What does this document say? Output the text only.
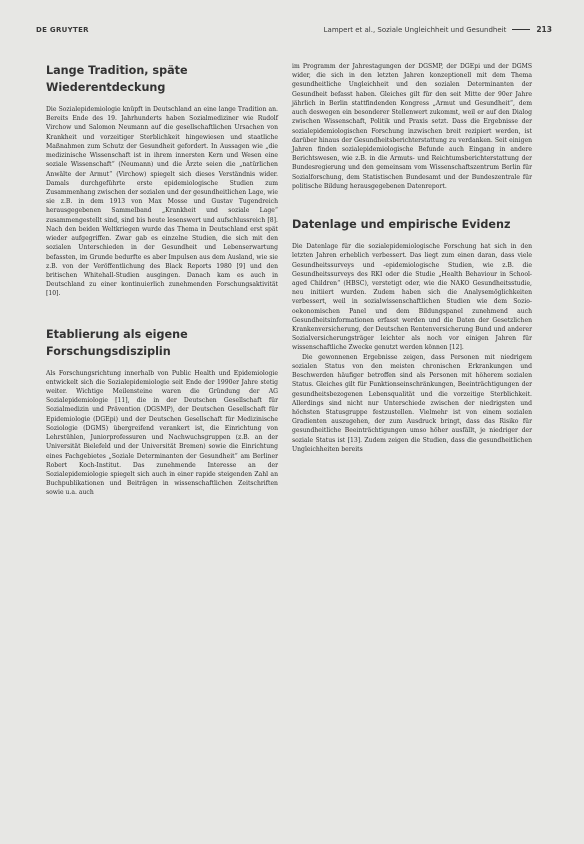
DE GRUYTER	Lampert et al., Soziale Ungleichheit und Gesundheit	213
Lange Tradition, späte
Wiederentdeckung

Die Sozialepidemiologie knüpft in Deutschland an eine lange Tradition an. Bereits Ende des 19. Jahrhunderts haben Sozialmediziner wie Rudolf Virchow und Salomon Neumann auf die gesellschaftlichen Ursachen von Krankheit und vorzeitiger Sterblichkeit hingewiesen und staatliche Maßnahmen zum Schutz der Gesundheit gefordert. In Aussagen wie „die medizinische Wissenschaft ist in ihrem innersten Kern und Wesen eine soziale Wissenschaft“ (Neumann) und die Ärzte seien die „natürlichen Anwälte der Armut“ (Virchow) spiegelt sich dieses Verständnis wider. Damals durchgeführte erste epidemiologische Studien zum Zusammenhang zwischen der sozialen und der gesundheitlichen Lage, wie sie z.B. in dem 1913 von Max Mosse und Gustav Tugendreich herausgegebenen Sammelband „Krankheit und soziale Lage“ zusammengestellt sind, sind bis heute lesenswert und aufschlussreich [8]. Nach den beiden Weltkriegen wurde das Thema in Deutschland erst spät wieder aufgegriffen. Zwar gab es einzelne Studien, die sich mit den sozialen Unterschieden in der Gesundheit und Lebenserwartung befassten, im Grunde bedurfte es aber Impulsen aus dem Ausland, wie sie z.B. von der Veröffentlichung des Black Reports 1980 [9] und den britischen Whitehall-Studien ausgingen. Danach kam es auch in Deutschland zu einer kontinuierlich zunehmenden Forschungsaktivität [10].

Etablierung als eigene
Forschungsdisziplin

Als Forschungsrichtung innerhalb von Public Health und Epidemiologie entwickelt sich die Sozialepidemiologie seit Ende der 1990er Jahre stetig weiter. Wichtige Meilensteine waren die Gründung der AG Sozialepidemiologie [11], die in der Deutschen Gesellschaft für Sozialmedizin und Prävention (DGSMP), der Deutschen Gesellschaft für Epidemiologie (DGEpi) und der Deutschen Gesellschaft für Medizinische Soziologie (DGMS) übergreifend verankert ist, die Einrichtung von Lehrstühlen, Juniorprofessuren und Nachwuchsgruppen (z.B. an der Universität Bielefeld und der Universität Bremen) sowie die Einrichtung eines Fachgebietes „Soziale Determinanten der Gesundheit“ am Berliner Robert Koch-Institut. Das zunehmende Interesse an der Sozialepidemiologie spiegelt sich auch in einer rapide steigenden Zahl an Buchpublikationen und Beiträgen in wissenschaftlichen Zeitschriften sowie u.a. auch

im Programm der Jahrestagungen der DGSMP, der DGEpi und der DGMS wider, die sich in den letzten Jahren konzeptionell mit dem Thema gesundheitliche Ungleichheit und den sozialen Determinanten der Gesundheit befasst haben. Gleiches gilt für den seit Mitte der 90er Jahre jährlich in Berlin stattfindenden Kongress „Armut und Gesundheit“, dem auch deswegen ein besonderer Stellenwert zukommt, weil er auf den Dialog zwischen Wissenschaft, Politik und Praxis setzt. Dass die Ergebnisse der sozialepidemiologischen Forschung inzwischen breit rezipiert werden, ist darüber hinaus der Gesundheitsberichterstattung zu verdanken. Seit einigen Jahren finden sozialepidemiologische Befunde auch Eingang in andere Berichtswesen, wie z.B. in die Armuts- und Reichtumsberichterstattung der Bundesregierung und den gemeinsam vom Wissenschaftszentrum Berlin für Sozialforschung, dem Statistischen Bundesamt und der Bundeszentrale für politische Bildung herausgegebenen Datenreport.

Datenlage und empirische Evidenz

Die Datenlage für die sozialepidemiologische Forschung hat sich in den letzten Jahren erheblich verbessert. Das liegt zum einen daran, dass viele Gesundheitssurveys und -epidemiologische Studien, wie z.B. die Gesundheitssurveys des RKI oder die Studie „Health Behaviour in School-aged Children“ (HBSC), verstetigt oder, wie die NAKO Gesundheitsstudie, neu initiiert wurden. Zudem haben sich die Analysemöglichkeiten verbessert, weil in sozialwissenschaftlichen Studien wie dem Sozio-oekonomischen Panel und dem Bildungspanel zunehmend auch Gesundheitsinformationen erfasst werden und die Daten der Gesetzlichen Krankenversicherung, der Deutschen Rentenversicherung Bund und anderer Sozialversicherungsträger leichter als noch vor einigen Jahren für wissenschaftliche Zwecke genutzt werden können [12].

Die gewonnenen Ergebnisse zeigen, dass Personen mit niedrigem sozialen Status von den meisten chronischen Erkrankungen und Beschwerden häufiger betroffen sind als Personen mit höherem sozialen Status. Gleiches gilt für Funktionseinschränkungen, Beeinträchtigungen der gesundheitsbezogenen Lebensqualität und die vorzeitige Sterblichkeit. Allerdings sind nicht nur Unterschiede zwischen der niedrigsten und höchsten Statusgruppe festzustellen. Vielmehr ist von einem sozialen Gradienten auszugehen, der zum Ausdruck bringt, dass das Risiko für gesundheitliche Beeinträchtigungen umso höher ausfällt, je niedriger der soziale Status ist [13]. Zudem zeigen die Studien, dass die gesundheitlichen Ungleichheiten bereits
